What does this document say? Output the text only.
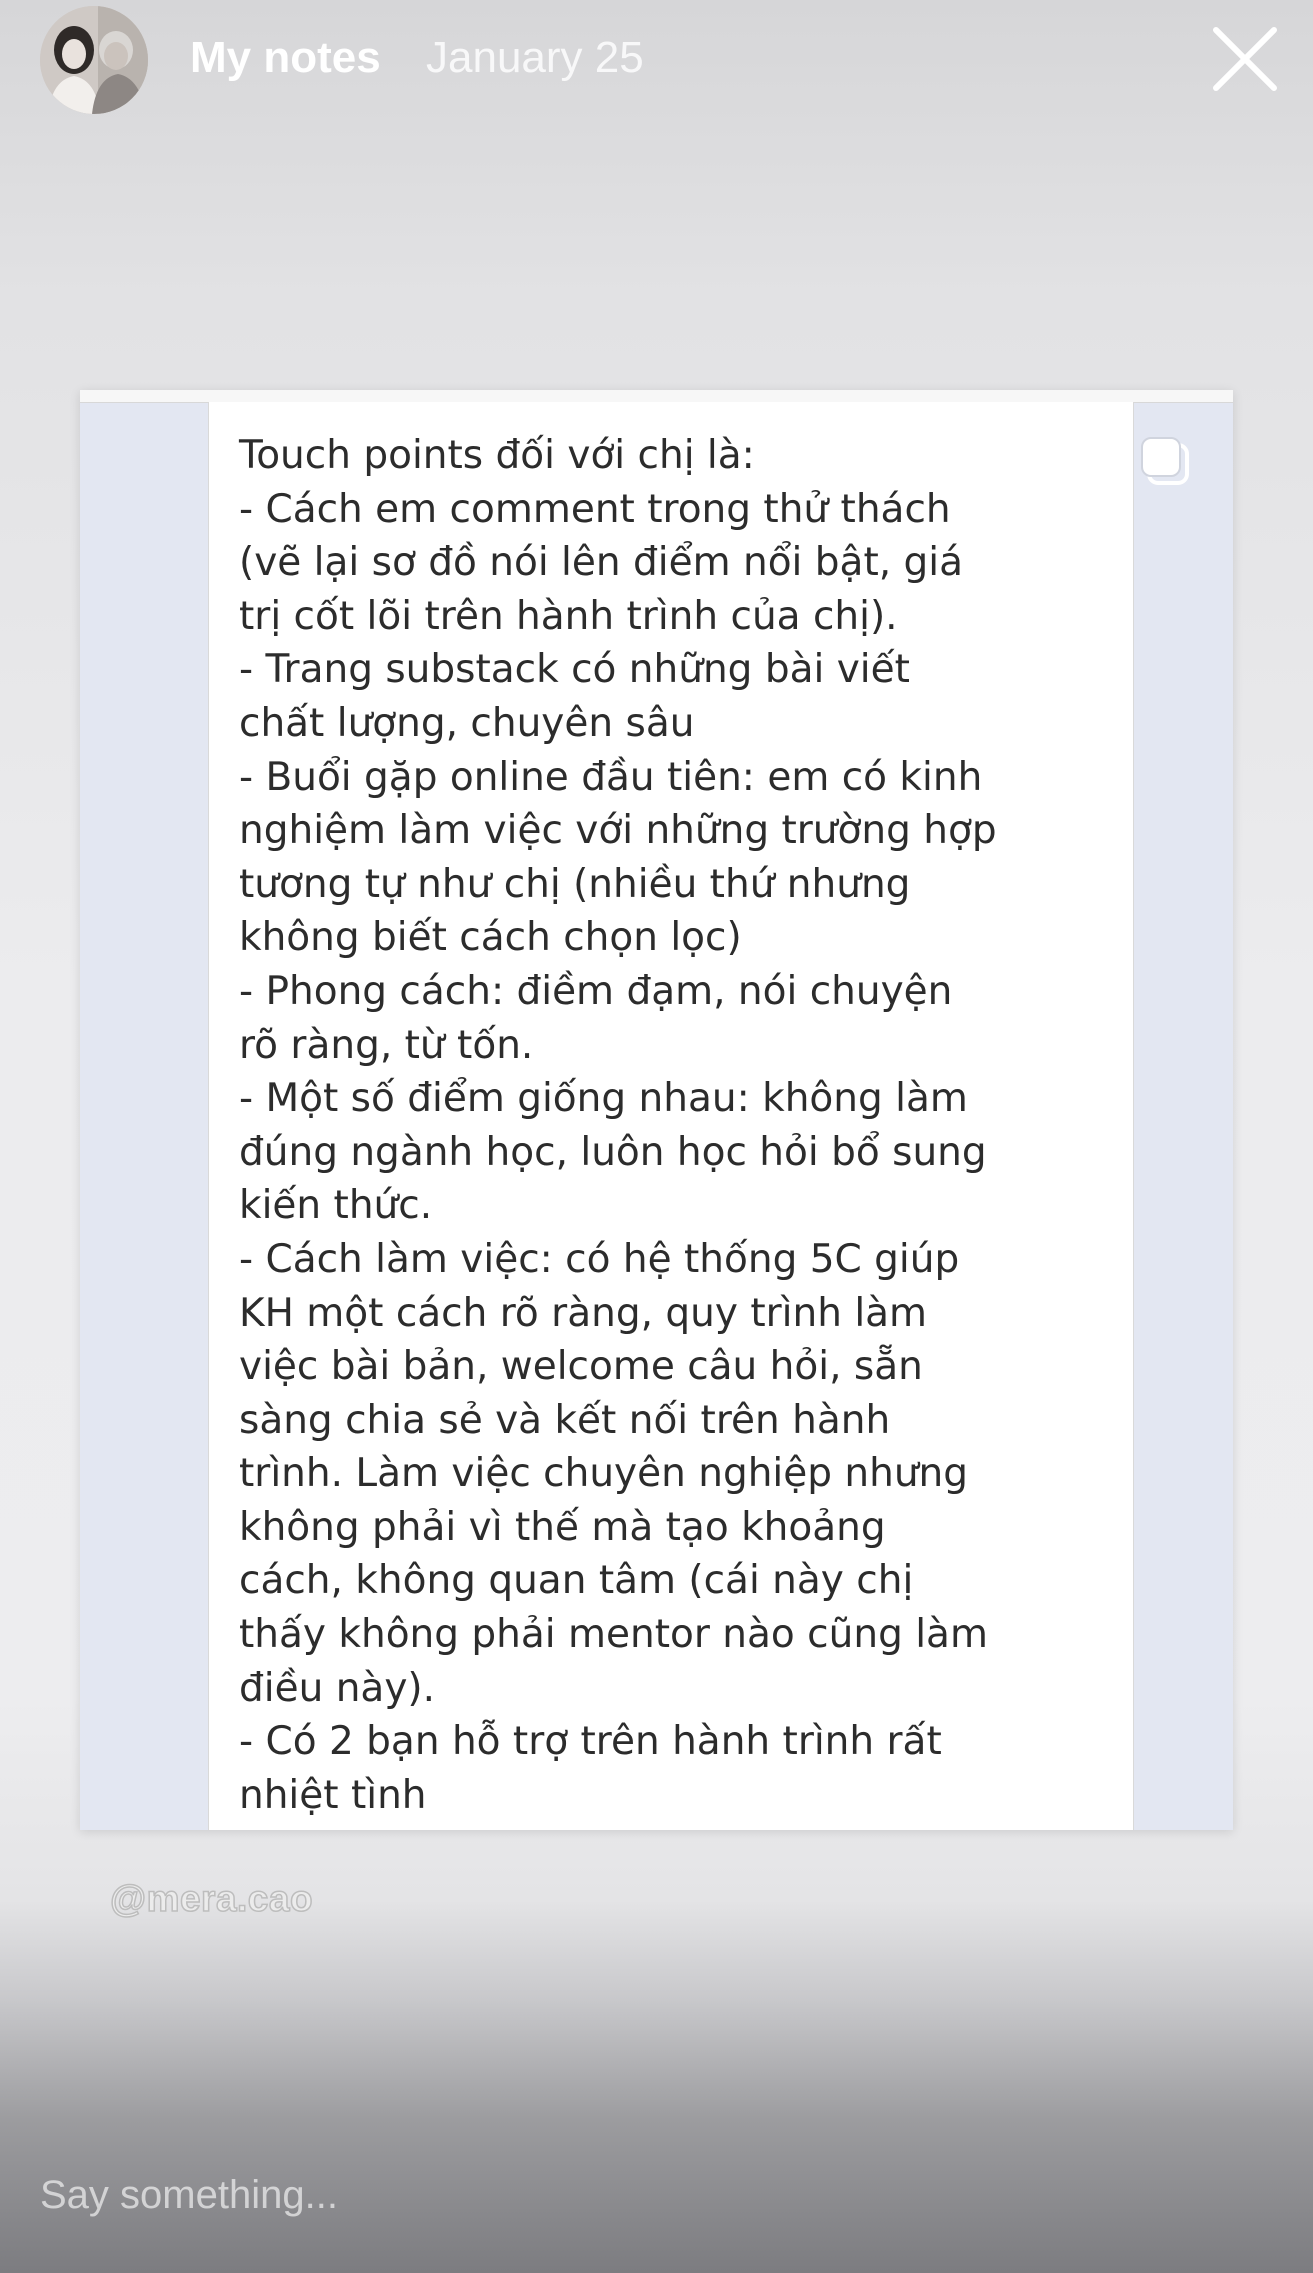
My notes January 25
Touch points đối với chị là:
- Cách em comment trong thử thách
(vẽ lại sơ đồ nói lên điểm nổi bật, giá
trị cốt lõi trên hành trình của chị).
- Trang substack có những bài viết
chất lượng, chuyên sâu
- Buổi gặp online đầu tiên: em có kinh
nghiệm làm việc với những trường hợp
tương tự như chị (nhiều thứ nhưng
không biết cách chọn lọc)
- Phong cách: điềm đạm, nói chuyện
rõ ràng, từ tốn.
- Một số điểm giống nhau: không làm
đúng ngành học, luôn học hỏi bổ sung
kiến thức.
- Cách làm việc: có hệ thống 5C giúp
KH một cách rõ ràng, quy trình làm
việc bài bản, welcome câu hỏi, sẵn
sàng chia sẻ và kết nối trên hành
trình. Làm việc chuyên nghiệp nhưng
không phải vì thế mà tạo khoảng
cách, không quan tâm (cái này chị
thấy không phải mentor nào cũng làm
điều này).
- Có 2 bạn hỗ trợ trên hành trình rất
nhiệt tình
@mera.cao
Say something...
